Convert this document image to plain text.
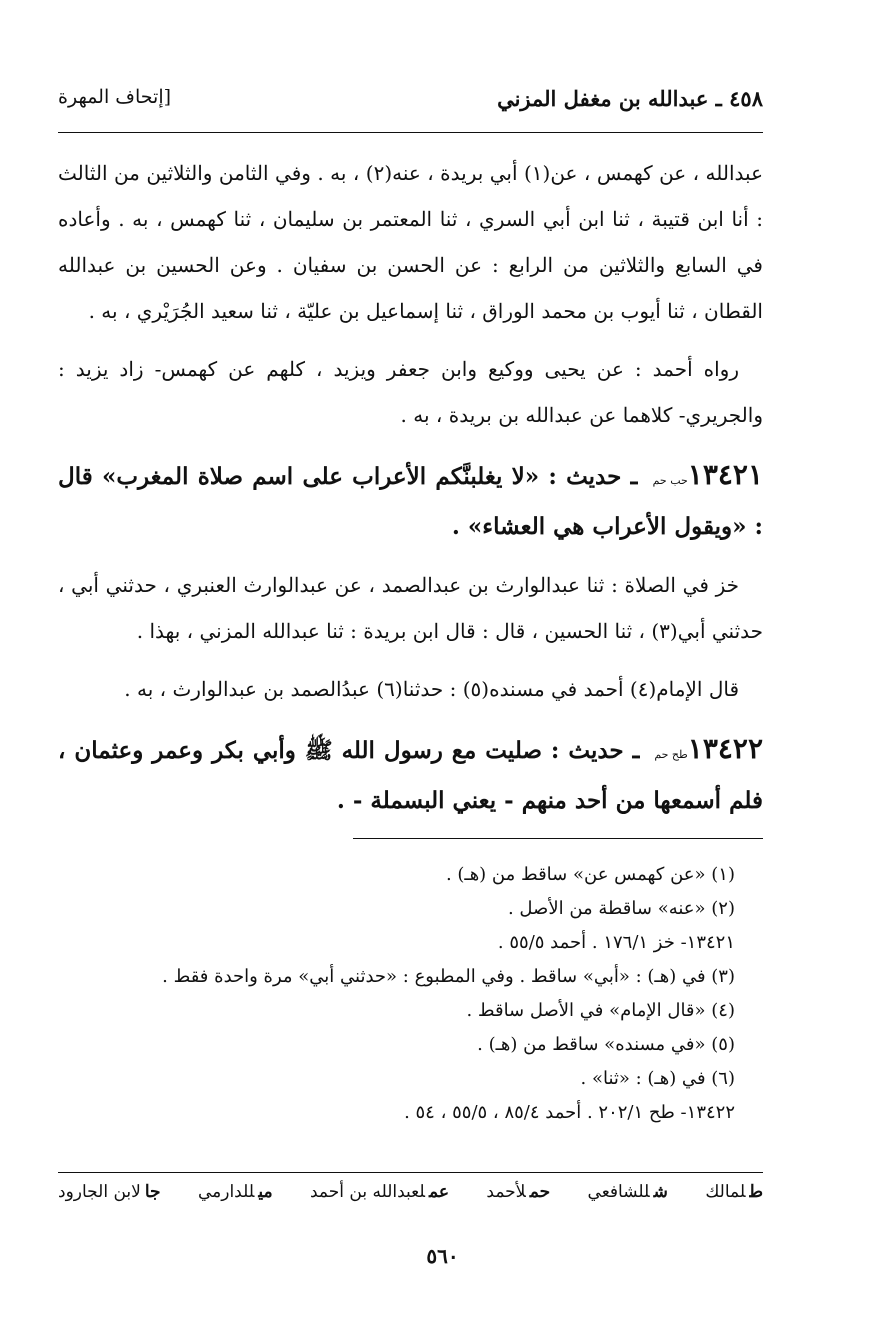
٤٥٨ ـ عبدالله بن مغفل المزني
[إتحاف المهرة

عبدالله ، عن كهمس ، عن(١) أبي بريدة ، عنه(٢) ، به . وفي الثامن والثلاثين من الثالث : أنا ابن قتيبة ، ثنا ابن أبي السري ، ثنا المعتمر بن سليمان ، ثنا كهمس ، به . وأعاده في السابع والثلاثين من الرابع : عن الحسن بن سفيان . وعن الحسين بن عبدالله القطان ، ثنا أيوب بن محمد الوراق ، ثنا إسماعيل بن عليّة ، ثنا سعيد الجُرَيْري ، به .

رواه أحمد : عن يحيى ووكيع وابن جعفر ويزيد ، كلهم عن كهمس- زاد يزيد : والجريري- كلاهما عن عبدالله بن بريدة ، به .

١٣٤٢١حب حم ـ حديث : «لا يغلبنَّكم الأعراب على اسم صلاة المغرب» قال : «ويقول الأعراب هي العشاء» .

خز في الصلاة : ثنا عبدالوارث بن عبدالصمد ، عن عبدالوارث العنبري ، حدثني أبي ، حدثني أبي(٣) ، ثنا الحسين ، قال : قال ابن بريدة : ثنا عبدالله المزني ، بهذا .

قال الإمام(٤) أحمد في مسنده(٥) : حدثنا(٦) عبدُالصمد بن عبدالوارث ، به .

١٣٤٢٢طح حم ـ حديث : صليت مع رسول الله ﷺ وأبي بكر وعمر وعثمان ، فلم أسمعها من أحد منهم - يعني البسملة - .

(١) «عن كهمس عن» ساقط من (هـ) .
(٢) «عنه» ساقطة من الأصل .
١٣٤٢١- خز ١٧٦/١ . أحمد ٥٥/٥ .
(٣) في (هـ) : «أبي» ساقط . وفي المطبوع : «حدثني أبي» مرة واحدة فقط .
(٤) «قال الإمام» في الأصل ساقط .
(٥) «في مسنده» ساقط من (هـ) .
(٦) في (هـ) : «ثنا» .
١٣٤٢٢- طح ٢٠٢/١ . أحمد ٨٥/٤ ، ٥٥/٥ ، ٥٤ .
طلمالك
شللشافعي
حملأحمد
عملعبدالله بن أحمد
ميللدارمي
جالابن الجارود
٥٦٠
